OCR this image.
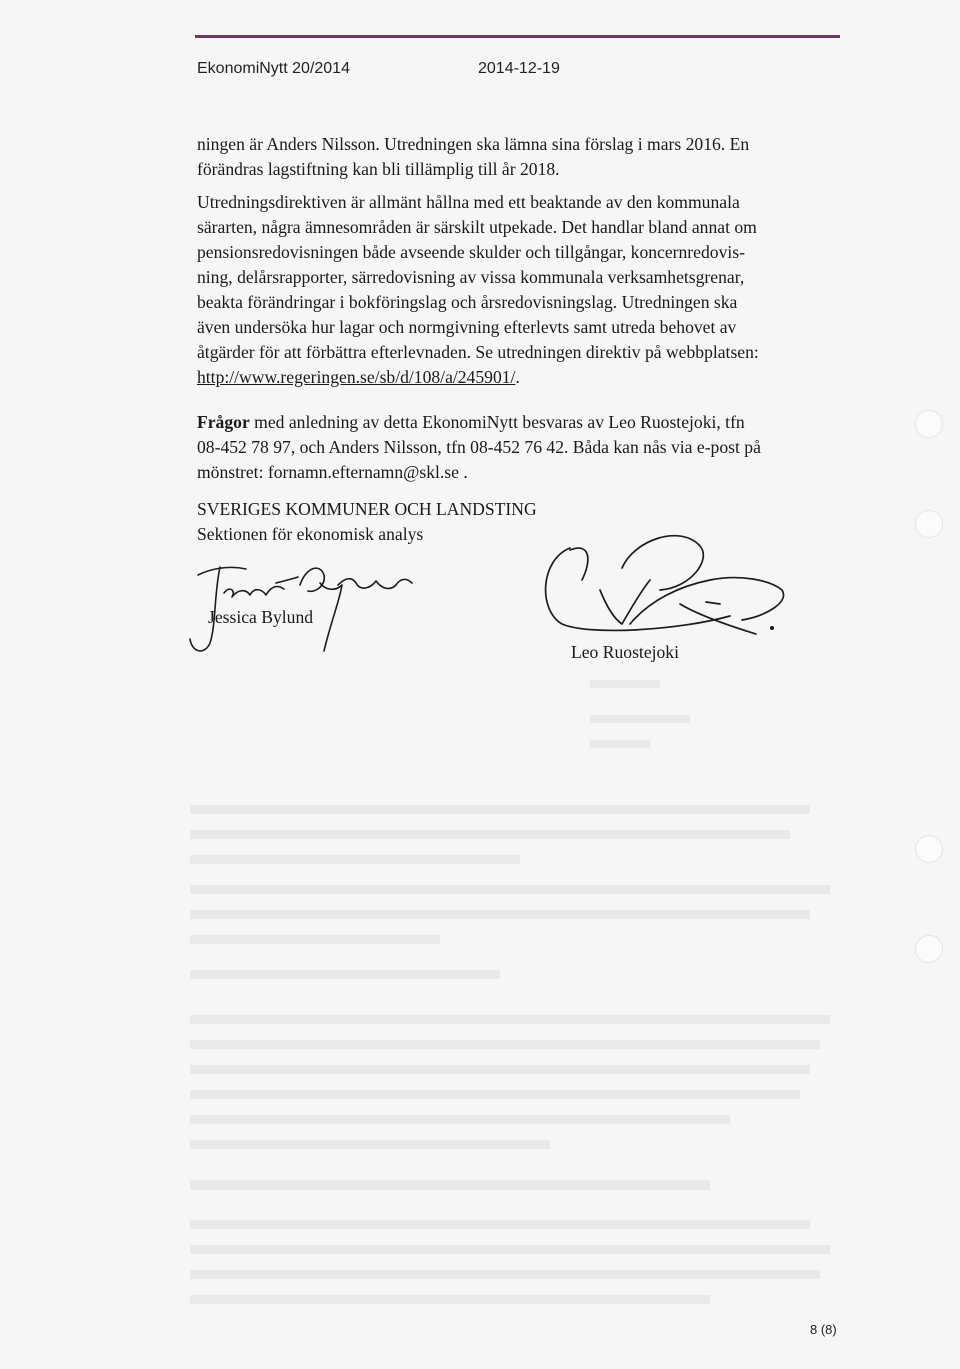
EkonomiNytt 20/2014	2014-12-19

ningen är Anders Nilsson. Utredningen ska lämna sina förslag i mars 2016. En
förändras lagstiftning kan bli tillämplig till år 2018.

Utredningsdirektiven är allmänt hållna med ett beaktande av den kommunala
särarten, några ämnesområden är särskilt utpekade. Det handlar bland annat om
pensionsredovisningen både avseende skulder och tillgångar, koncernredovis-
ning, delårsrapporter, särredovisning av vissa kommunala verksamhetsgrenar,
beakta förändringar i bokföringslag och årsredovisningslag. Utredningen ska
även undersöka hur lagar och normgivning efterlevts samt utreda behovet av
åtgärder för att förbättra efterlevnaden. Se utredningen direktiv på webbplatsen:
http://www.regeringen.se/sb/d/108/a/245901/.

Frågor med anledning av detta EkonomiNytt besvaras av Leo Ruostejoki, tfn
08-452 78 97, och Anders Nilsson, tfn 08-452 76 42. Båda kan nås via e-post på
mönstret: fornamn.efternamn@skl.se .

SVERIGES KOMMUNER OCH LANDSTING
Sektionen för ekonomisk analys
Jessica Bylund
Leo Ruostejoki
8 (8)
